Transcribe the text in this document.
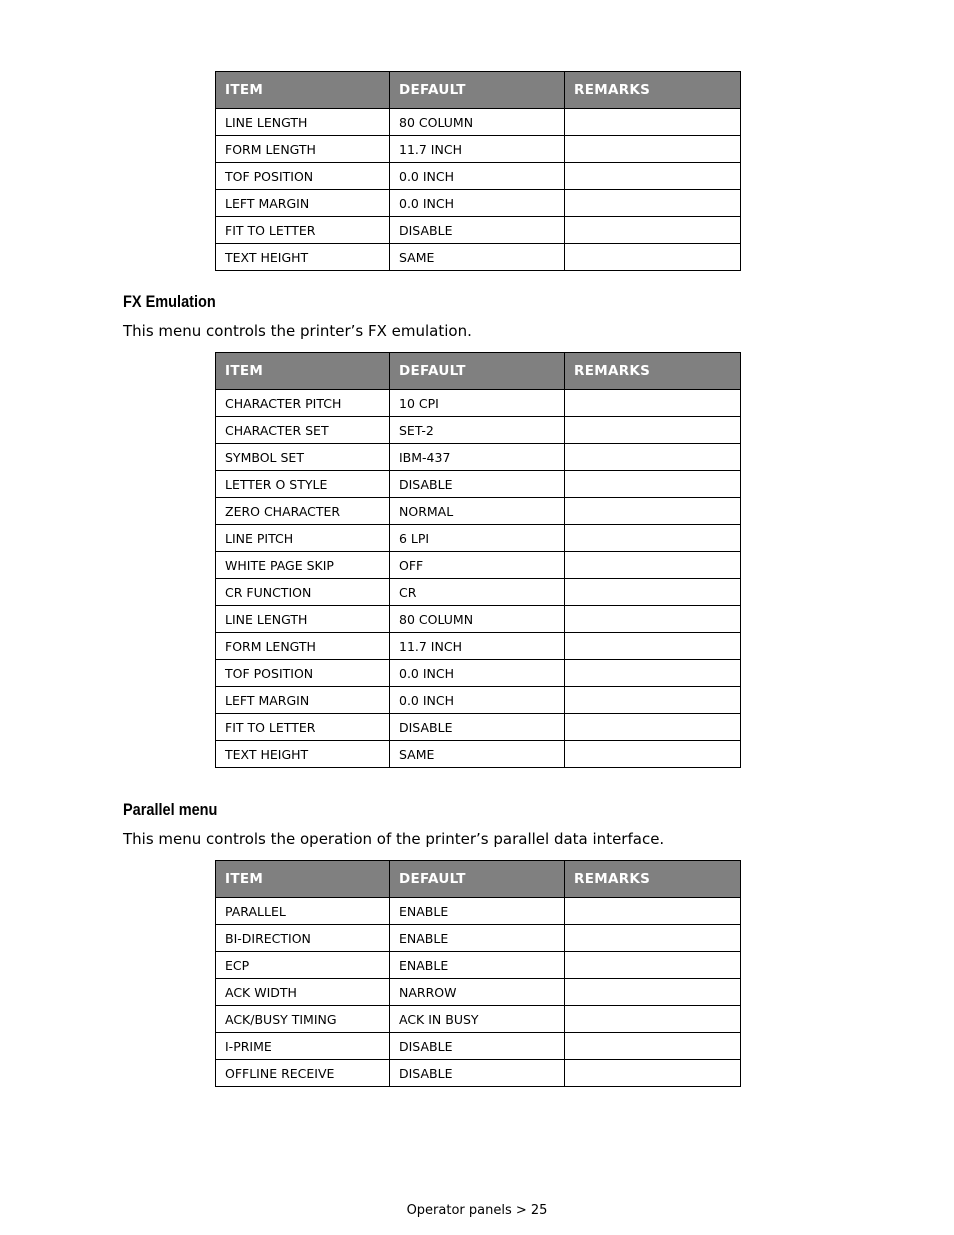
ITEM	DEFAULT	REMARKS
LINE LENGTH	80 COLUMN	
FORM LENGTH	11.7 INCH	
TOF POSITION	0.0 INCH	
LEFT MARGIN	0.0 INCH	
FIT TO LETTER	DISABLE	
TEXT HEIGHT	SAME	
FX Emulation

This menu controls the printer’s FX emulation.

ITEM	DEFAULT	REMARKS
CHARACTER PITCH	10 CPI	
CHARACTER SET	SET-2	
SYMBOL SET	IBM-437	
LETTER O STYLE	DISABLE	
ZERO CHARACTER	NORMAL	
LINE PITCH	6 LPI	
WHITE PAGE SKIP	OFF	
CR FUNCTION	CR	
LINE LENGTH	80 COLUMN	
FORM LENGTH	11.7 INCH	
TOF POSITION	0.0 INCH	
LEFT MARGIN	0.0 INCH	
FIT TO LETTER	DISABLE	
TEXT HEIGHT	SAME	
Parallel menu

This menu controls the operation of the printer’s parallel data interface.

ITEM	DEFAULT	REMARKS
PARALLEL	ENABLE	
BI-DIRECTION	ENABLE	
ECP	ENABLE	
ACK WIDTH	NARROW	
ACK/BUSY TIMING	ACK IN BUSY	
I-PRIME	DISABLE	
OFFLINE RECEIVE	DISABLE	
Operator panels > 25
